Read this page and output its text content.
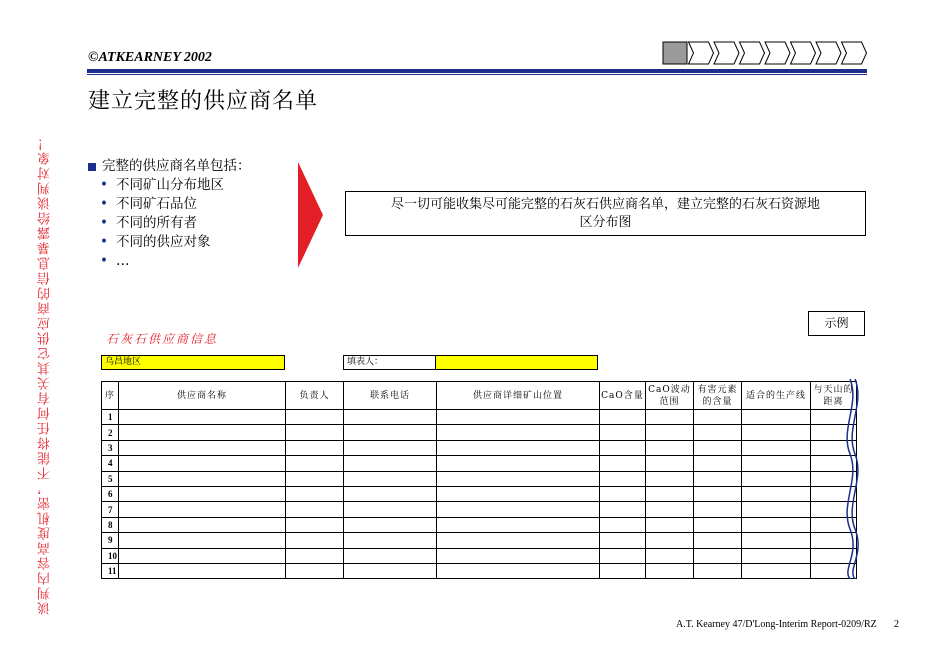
©ATKEARNEY 2002
建立完整的供应商名单
谈判内容高度机密，不能将任何有关其它供应商的信息暴露给谈判对象！	完整的供应商名单包括：
• 不同矿山分布地区
• 不同矿石品位
• 不同的所有者
• 不同的供应对象
• …
尽一切可能收集尽可能完整的石灰石供应商名单，建立完整的石灰石资源地区分布图
示例
石灰石供应商信息
乌昌地区	填表人：
序	供应商名称	负责人	联系电话	供应商详细矿山位置	CaO含量	CaO波动范围	有害元素的含量	适合的生产线	与天山的距离
1									
2									
3									
4									
5									
6									
7									
8									
9									
10									
11									
A.T. Kearney 47/D'Long-Interim Report-0209/RZ 2
